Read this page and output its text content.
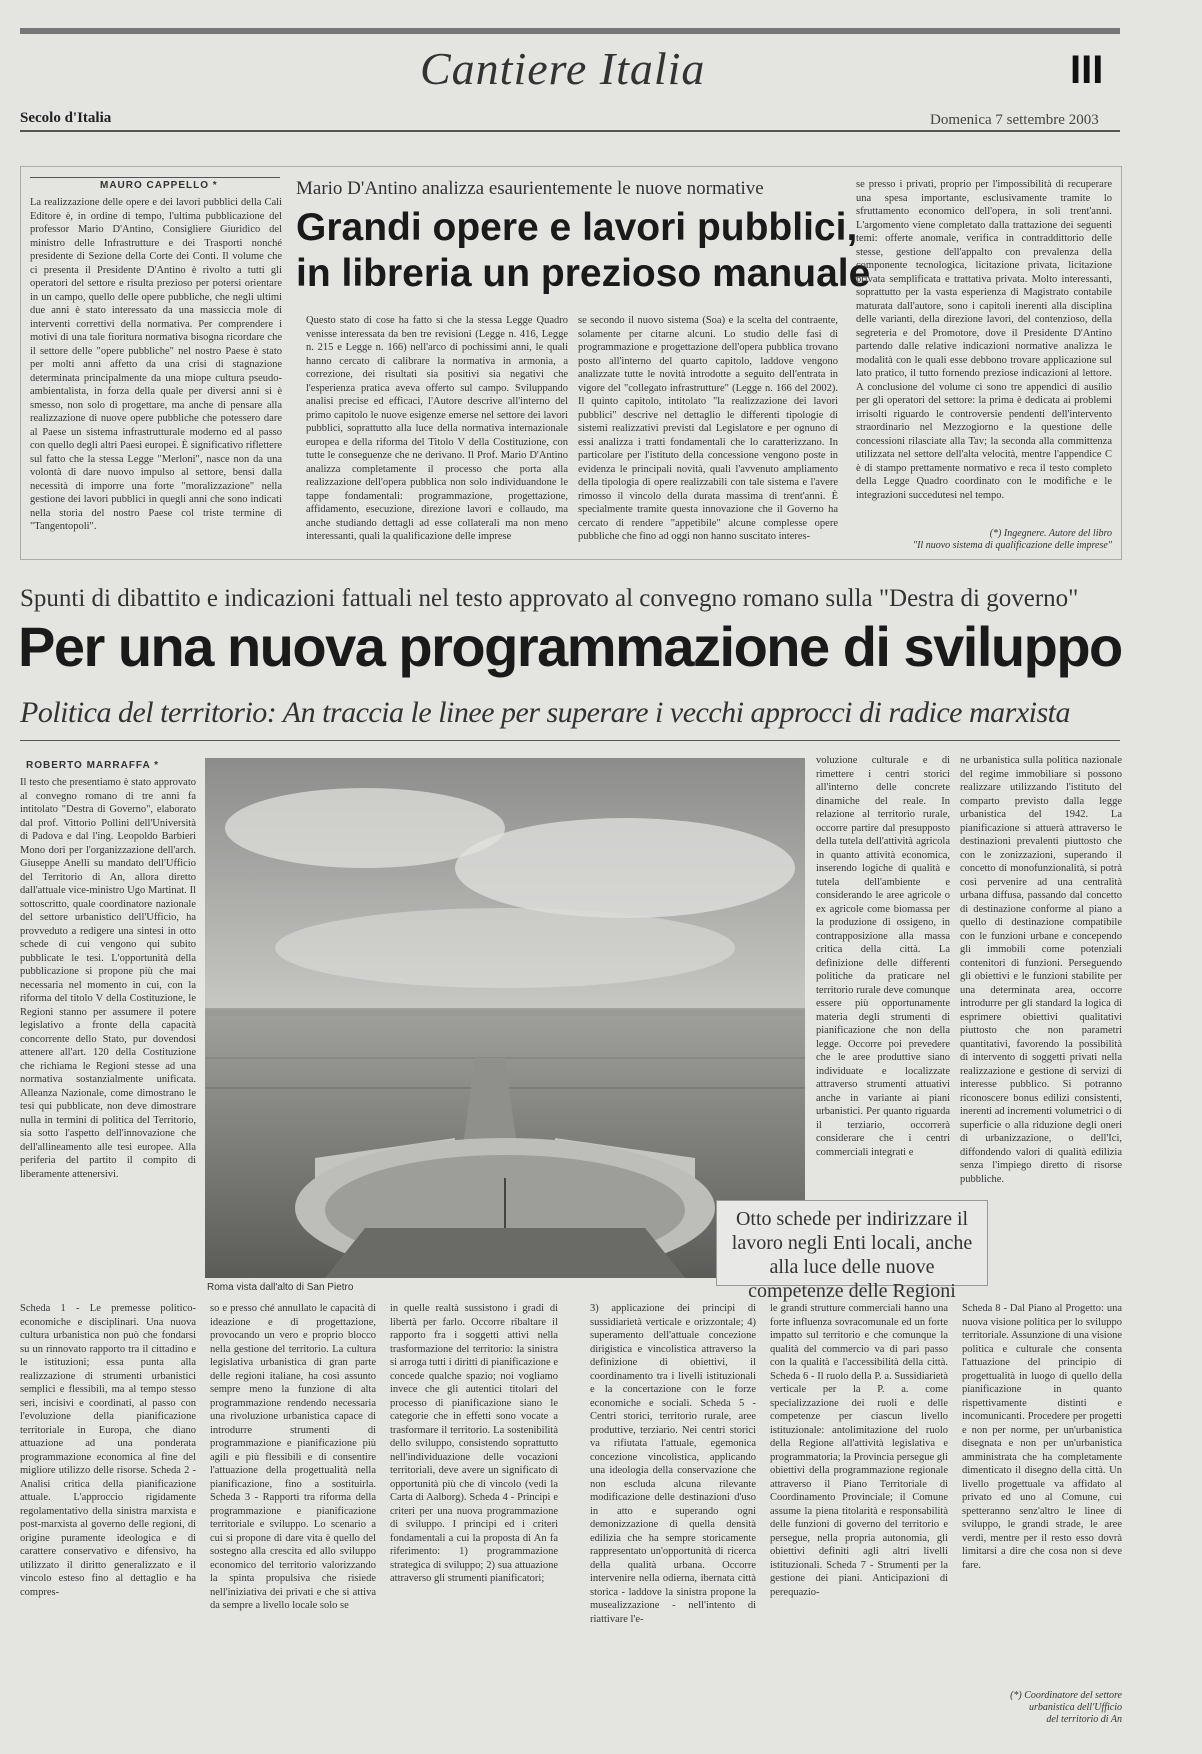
Cantiere Italia	III
Secolo d'Italia	Domenica 7 settembre 2003
MAURO CAPPELLO *

La realizzazione delle opere e dei lavori pubblici della Cali Editore è, in ordine di tempo, l'ultima pubblicazione del professor Mario D'Antino, Consigliere Giuridico del ministro delle Infrastrutture e dei Trasporti nonché presidente di Sezione della Corte dei Conti. Il volume che ci presenta il Presidente D'Antino è rivolto a tutti gli operatori del settore e risulta prezioso per potersi orientare in un campo, quello delle opere pubbliche, che negli ultimi due anni è stato interessato da una massiccia mole di interventi correttivi della normativa. Per comprendere i motivi di una tale fioritura normativa bisogna ricordare che il settore delle "opere pubbliche" nel nostro Paese è stato per molti anni affetto da una crisi di stagnazione determinata principalmente da una miope cultura pseudo-ambientalista, in forza della quale per diversi anni si è smesso, non solo di progettare, ma anche di pensare alla realizzazione di nuove opere pubbliche che potessero dare al Paese un sistema infrastrutturale moderno ed al passo con quello degli altri Paesi europei. È significativo riflettere sul fatto che la stessa Legge "Merloni", nasce non da una volontà di dare nuovo impulso al settore, bensì dalla necessità di imporre una forte "moralizzazione" nella gestione dei lavori pubblici in quegli anni che sono indicati nella storia del nostro Paese col triste termine di "Tangentopoli".

Mario D'Antino analizza esaurientemente le nuove normative
Grandi opere e lavori pubblici,
in libreria un prezioso manuale

Questo stato di cose ha fatto sì che la stessa Legge Quadro venisse interessata da ben tre revisioni (Legge n. 416, Legge n. 215 e Legge n. 166) nell'arco di pochissimi anni, le quali hanno cercato di calibrare la normativa in armonia, a correzione, dei risultati sia positivi sia negativi che l'esperienza pratica aveva offerto sul campo. Sviluppando analisi precise ed efficaci, l'Autore descrive all'interno del primo capitolo le nuove esigenze emerse nel settore dei lavori pubblici, soprattutto alla luce della normativa internazionale europea e della riforma del Titolo V della Costituzione, con tutte le conseguenze che ne derivano. Il Prof. Mario D'Antino analizza completamente il processo che porta alla realizzazione dell'opera pubblica non solo individuandone le tappe fondamentali: programmazione, progettazione, affidamento, esecuzione, direzione lavori e collaudo, ma anche studiando dettagli ad esse collaterali ma non meno interessanti, quali la qualificazione delle imprese

se secondo il nuovo sistema (Soa) e la scelta del contraente, solamente per citarne alcuni. Lo studio delle fasi di programmazione e progettazione dell'opera pubblica trovano posto all'interno del quarto capitolo, laddove vengono analizzate tutte le novità introdotte a seguito dell'entrata in vigore del "collegato infrastrutture" (Legge n. 166 del 2002). Il quinto capitolo, intitolato "la realizzazione dei lavori pubblici" descrive nel dettaglio le differenti tipologie di sistemi realizzativi previsti dal Legislatore e per ognuno di essi analizza i tratti fondamentali che lo caratterizzano. In particolare per l'istituto della concessione vengono poste in evidenza le principali novità, quali l'avvenuto ampliamento della tipologia di opere realizzabili con tale sistema e l'avere rimosso il vincolo della durata massima di trent'anni. È specialmente tramite questa innovazione che il Governo ha cercato di rendere "appetibile" alcune complesse opere pubbliche che fino ad oggi non hanno suscitato interes-

se presso i privati, proprio per l'impossibilità di recuperare una spesa importante, esclusivamente tramite lo sfruttamento economico dell'opera, in soli trent'anni. L'argomento viene completato dalla trattazione dei seguenti temi: offerte anomale, verifica in contraddittorio delle stesse, gestione dell'appalto con prevalenza della componente tecnologica, licitazione privata, licitazione privata semplificata e trattativa privata. Molto interessanti, soprattutto per la vasta esperienza di Magistrato contabile maturata dall'autore, sono i capitoli inerenti alla disciplina delle varianti, della direzione lavori, del contenzioso, della segreteria e del Promotore, dove il Presidente D'Antino partendo dalle relative indicazioni normative analizza le modalità con le quali esse debbono trovare applicazione sul lato pratico, il tutto fornendo preziose indicazioni al lettore. A conclusione del volume ci sono tre appendici di ausilio per gli operatori del settore: la prima è dedicata ai problemi irrisolti riguardo le controversie pendenti dell'intervento straordinario nel Mezzogiorno e la questione delle concessioni rilasciate alla Tav; la seconda alla committenza utilizzata nel settore dell'alta velocità, mentre l'appendice C è di stampo prettamente normativo e reca il testo completo della Legge Quadro coordinato con le modifiche e le integrazioni succedutesi nel tempo.

(*) Ingegnere. Autore del libro
"Il nuovo sistema di qualificazione delle imprese"
Spunti di dibattito e indicazioni fattuali nel testo approvato al convegno romano sulla "Destra di governo"
Per una nuova programmazione di sviluppo
Politica del territorio: An traccia le linee per superare i vecchi approcci di radice marxista
ROBERTO MARRAFFA *

Il testo che presentiamo è stato approvato al convegno romano di tre anni fa intitolato "Destra di Governo", elaborato dal prof. Vittorio Pollini dell'Università di Padova e dal l'ing. Leopoldo Barbieri Mono dori per l'organizzazione dell'arch. Giuseppe Anelli su mandato dell'Ufficio del Territorio di An, allora diretto dall'attuale vice-ministro Ugo Martinat. Il sottoscritto, quale coordinatore nazionale del settore urbanistico dell'Ufficio, ha provveduto a redigere una sintesi in otto schede di cui vengono qui subito pubblicate le tesi. L'opportunità della pubblicazione si propone più che mai necessaria nel momento in cui, con la riforma del titolo V della Costituzione, le Regioni stanno per assumere il potere legislativo a fronte della capacità concorrente dello Stato, pur dovendosi attenere all'art. 120 della Costituzione che richiama le Regioni stesse ad una normativa sostanzialmente unificata. Alleanza Nazionale, come dimostrano le tesi qui pubblicate, non deve dimostrare nulla in termini di politica del Territorio, sia sotto l'aspetto dell'innovazione che dell'allineamento alle tesi europee. Alla periferia del partito il compito di liberamente attenersivi.

Roma vista dall'alto di San Pietro

voluzione culturale e di rimettere i centri storici all'interno delle concrete dinamiche del reale. In relazione al territorio rurale, occorre partire dal presupposto della tutela dell'attività agricola in quanto attività economica, inserendo logiche di qualità e tutela dell'ambiente e considerando le aree agricole o ex agricole come biomassa per la produzione di ossigeno, in contrapposizione alla massa critica della città. La definizione delle differenti politiche da praticare nel territorio rurale deve comunque essere più opportunamente materia degli strumenti di pianificazione che non della legge. Occorre poi prevedere che le aree produttive siano individuate e localizzate attraverso strumenti attuativi anche in variante ai piani urbanistici. Per quanto riguarda il terziario, occorrerà considerare che i centri commerciali integrati e

ne urbanistica sulla politica nazionale del regime immobiliare si possono realizzare utilizzando l'istituto del comparto previsto dalla legge urbanistica del 1942. La pianificazione si attuerà attraverso le destinazioni prevalenti piuttosto che con le zonizzazioni, superando il concetto di monofunzionalità, si potrà così pervenire ad una centralità urbana diffusa, passando dal concetto di destinazione conforme al piano a quello di destinazione compatibile con le funzioni urbane e concependo gli immobili come potenziali contenitori di funzioni. Perseguendo gli obiettivi e le funzioni stabilite per una determinata area, occorre introdurre per gli standard la logica di esprimere obiettivi qualitativi piuttosto che non parametri quantitativi, favorendo la possibilità di intervento di soggetti privati nella realizzazione e gestione di servizi di interesse pubblico. Si potranno riconoscere bonus edilizi consistenti, inerenti ad incrementi volumetrici o di superficie o alla riduzione degli oneri di urbanizzazione, o dell'Ici, diffondendo valori di qualità edilizia senza l'impiego diretto di risorse pubbliche.

Otto schede per indirizzare il lavoro negli Enti locali, anche alla luce delle nuove competenze delle Regioni

Scheda 1 - Le premesse politico-economiche e disciplinari. Una nuova cultura urbanistica non può che fondarsi su un rinnovato rapporto tra il cittadino e le istituzioni; essa punta alla realizzazione di strumenti urbanistici semplici e flessibili, ma al tempo stesso seri, incisivi e coordinati, al passo con l'evoluzione della pianificazione territoriale in Europa, che diano attuazione ad una ponderata programmazione economica al fine del migliore utilizzo delle risorse. Scheda 2 - Analisi critica della pianificazione attuale. L'approccio rigidamente regolamentativo della sinistra marxista e post-marxista al governo delle regioni, di origine puramente ideologica e di carattere conservativo e difensivo, ha utilizzato il diritto generalizzato e il vincolo esteso fino al dettaglio e ha compres-

so e presso ché annullato le capacità di ideazione e di progettazione, provocando un vero e proprio blocco nella gestione del territorio. La cultura legislativa urbanistica di gran parte delle regioni italiane, ha così assunto sempre meno la funzione di alta programmazione rendendo necessaria una rivoluzione urbanistica capace di introdurre strumenti di programmazione e pianificazione più agili e più flessibili e di consentire l'attuazione della progettualità nella pianificazione, fino a sostituirla. Scheda 3 - Rapporti tra riforma della programmazione e pianificazione territoriale e sviluppo. Lo scenario a cui si propone di dare vita è quello del sostegno alla crescita ed allo sviluppo economico del territorio valorizzando la spinta propulsiva che risiede nell'iniziativa dei privati e che si attiva da sempre a livello locale solo se

in quelle realtà sussistono i gradi di libertà per farlo. Occorre ribaltare il rapporto fra i soggetti attivi nella trasformazione del territorio: la sinistra si arroga tutti i diritti di pianificazione e concede qualche spazio; noi vogliamo invece che gli autentici titolari del processo di pianificazione siano le categorie che in effetti sono vocate a trasformare il territorio. La sostenibilità dello sviluppo, consistendo soprattutto nell'individuazione delle vocazioni territoriali, deve avere un significato di opportunità più che di vincolo (vedi la Carta di Aalborg). Scheda 4 - Principi e criteri per una nuova programmazione di sviluppo. I principi ed i criteri fondamentali a cui la proposta di An fa riferimento: 1) programmazione strategica di sviluppo; 2) sua attuazione attraverso gli strumenti pianificatori;

3) applicazione dei principi di sussidiarietà verticale e orizzontale; 4) superamento dell'attuale concezione dirigistica e vincolistica attraverso la definizione di obiettivi, il coordinamento tra i livelli istituzionali e la concertazione con le forze economiche e sociali. Scheda 5 - Centri storici, territorio rurale, aree produttive, terziario. Nei centri storici va rifiutata l'attuale, egemonica concezione vincolistica, applicando una ideologia della conservazione che non escluda alcuna rilevante modificazione delle destinazioni d'uso in atto e superando ogni demonizzazione di quella densità edilizia che ha sempre storicamente rappresentato un'opportunità di ricerca della qualità urbana. Occorre intervenire nella odierna, ibernata città storica - laddove la sinistra propone la musealizzazione - nell'intento di riattivare l'e-

le grandi strutture commerciali hanno una forte influenza sovracomunale ed un forte impatto sul territorio e che comunque la qualità del commercio va di pari passo con la qualità e l'accessibilità della città. Scheda 6 - Il ruolo della P. a. Sussidiarietà verticale per la P. a. come specializzazione dei ruoli e delle competenze per ciascun livello istituzionale: antolimitazione del ruolo della Regione all'attività legislativa e programmatoria; la Provincia persegue gli obiettivi della programmazione regionale attraverso il Piano Territoriale di Coordinamento Provinciale; il Comune assume la piena titolarità e responsabilità delle funzioni di governo del territorio e persegue, nella propria autonomia, gli obiettivi definiti agli altri livelli istituzionali. Scheda 7 - Strumenti per la gestione dei piani. Anticipazioni di perequazio-

Scheda 8 - Dal Piano al Progetto: una nuova visione politica per lo sviluppo territoriale. Assunzione di una visione politica e culturale che consenta l'attuazione del principio di progettualità in luogo di quello della pianificazione in quanto rispettivamente distinti e incomunicanti. Procedere per progetti e non per norme, per un'urbanistica disegnata e non per un'urbanistica amministrata che ha completamente dimenticato il disegno della città. Un livello progettuale va affidato al privato ed uno al Comune, cui spetteranno senz'altro le linee di sviluppo, le grandi strade, le aree verdi, mentre per il resto esso dovrà limitarsi a dire che cosa non si deve fare.

(*) Coordinatore del settore
urbanistica dell'Ufficio
del territorio di An
